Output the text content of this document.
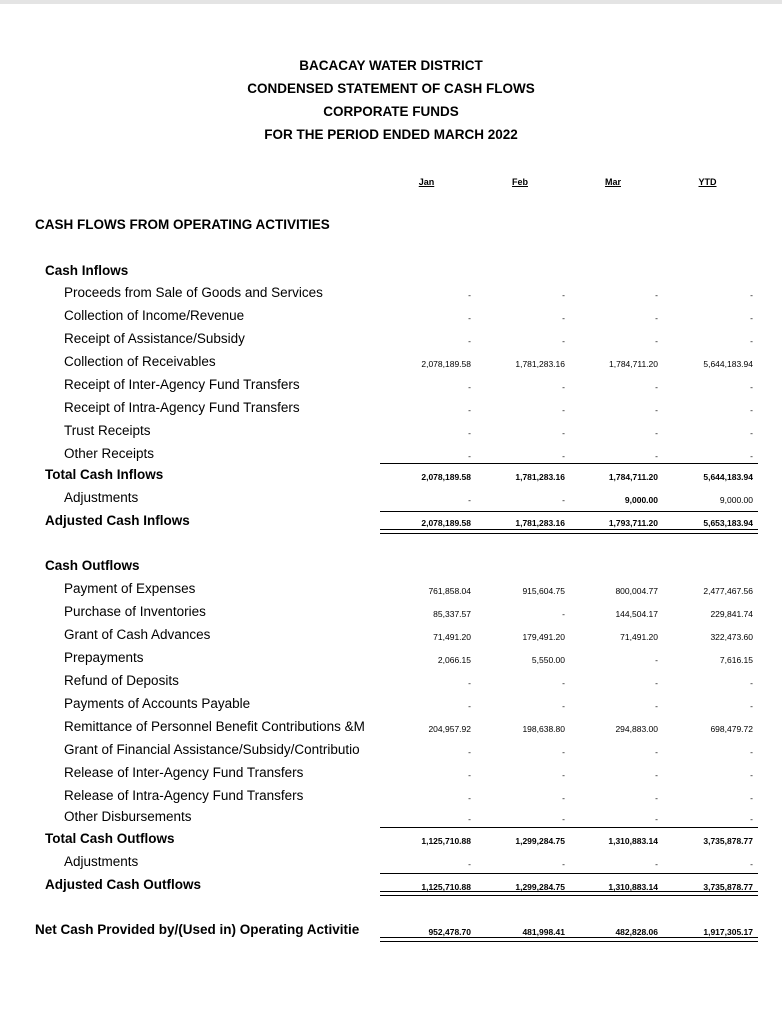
BACACAY WATER DISTRICT
CONDENSED STATEMENT OF CASH FLOWS
CORPORATE FUNDS
FOR THE PERIOD ENDED MARCH 2022
Jan	Feb	Mar	YTD
CASH FLOWS FROM OPERATING ACTIVITIES
Cash Inflows
Proceeds from Sale of Goods and Services	-	-	-	-
Collection of Income/Revenue	-	-	-	-
Receipt of Assistance/Subsidy	-	-	-	-
Collection of Receivables	2,078,189.58	1,781,283.16	1,784,711.20	5,644,183.94
Receipt of Inter-Agency Fund Transfers	-	-	-	-
Receipt of Intra-Agency Fund Transfers	-	-	-	-
Trust Receipts	-	-	-	-
Other Receipts	-	-	-	-
Total Cash Inflows	2,078,189.58	1,781,283.16	1,784,711.20	5,644,183.94
Adjustments	-	-	9,000.00	9,000.00
Adjusted Cash Inflows	2,078,189.58	1,781,283.16	1,793,711.20	5,653,183.94
Cash Outflows
Payment of Expenses	761,858.04	915,604.75	800,004.77	2,477,467.56
Purchase of Inventories	85,337.57	-	144,504.17	229,841.74
Grant of Cash Advances	71,491.20	179,491.20	71,491.20	322,473.60
Prepayments	2,066.15	5,550.00	-	7,616.15
Refund of Deposits	-	-	-	-
Payments of Accounts Payable	-	-	-	-
Remittance of Personnel Benefit Contributions &M	204,957.92	198,638.80	294,883.00	698,479.72
Grant of Financial Assistance/Subsidy/Contributio	-	-	-	-
Release of Inter-Agency Fund Transfers	-	-	-	-
Release of Intra-Agency Fund Transfers	-	-	-	-
Other Disbursements	-	-	-	-
Total Cash Outflows	1,125,710.88	1,299,284.75	1,310,883.14	3,735,878.77
Adjustments	-	-	-	-
Adjusted Cash Outflows	1,125,710.88	1,299,284.75	1,310,883.14	3,735,878.77
Net Cash Provided by/(Used in) Operating Activitie	952,478.70	481,998.41	482,828.06	1,917,305.17
